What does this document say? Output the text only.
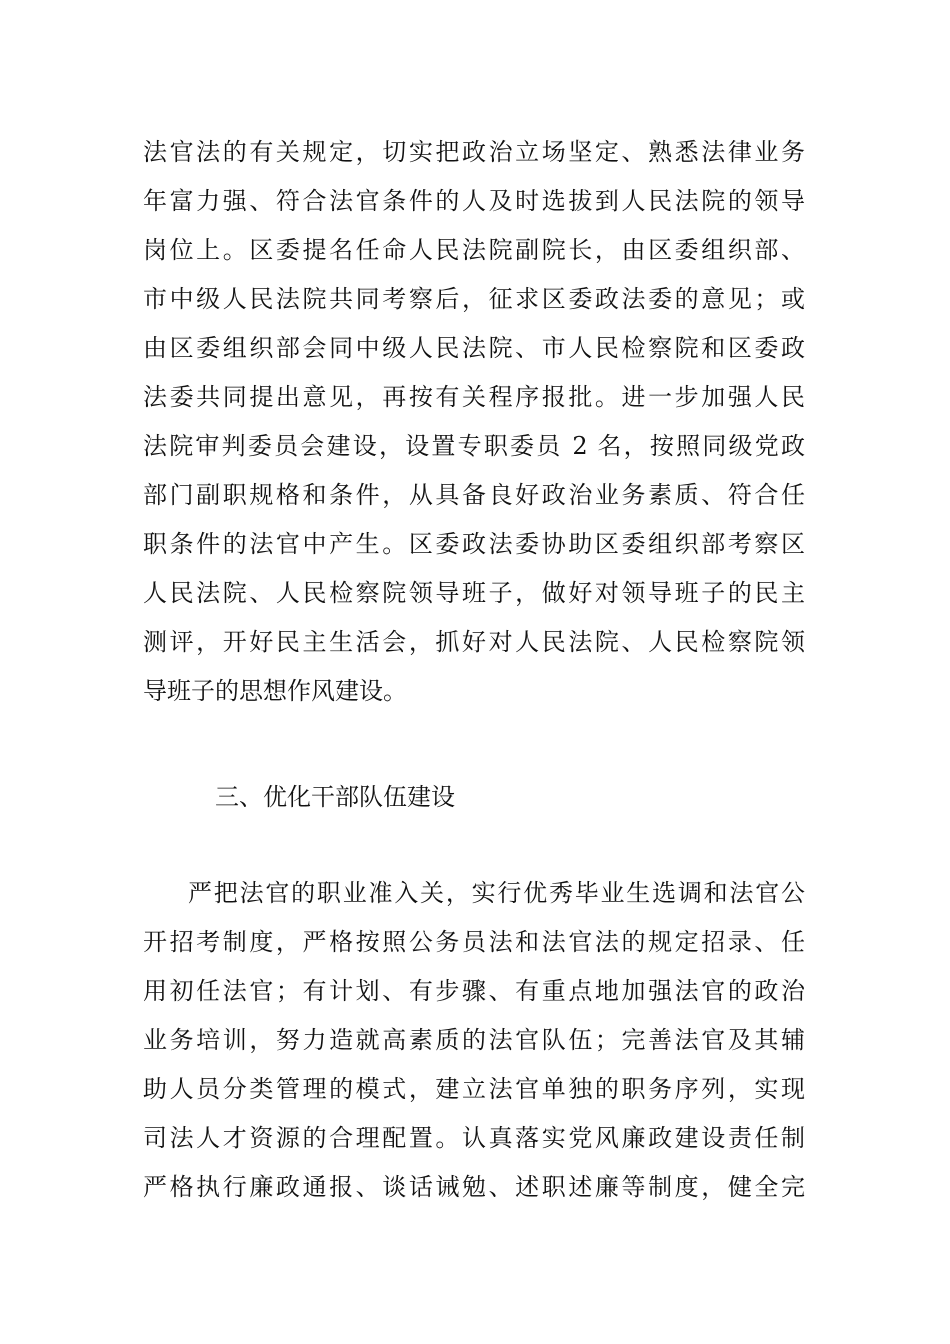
法官法的有关规定，切实把政治立场坚定、熟悉法律业务
年富力强、符合法官条件的人及时选拔到人民法院的领导
岗位上。区委提名任命人民法院副院长，由区委组织部、
市中级人民法院共同考察后，征求区委政法委的意见；或
由区委组织部会同中级人民法院、市人民检察院和区委政
法委共同提出意见，再按有关程序报批。进一步加强人民
法院审判委员会建设，设置专职委员 2 名，按照同级党政
部门副职规格和条件，从具备良好政治业务素质、符合任
职条件的法官中产生。区委政法委协助区委组织部考察区
人民法院、人民检察院领导班子，做好对领导班子的民主
测评，开好民主生活会，抓好对人民法院、人民检察院领
导班子的思想作风建设。
三、优化干部队伍建设
严把法官的职业准入关，实行优秀毕业生选调和法官公
开招考制度，严格按照公务员法和法官法的规定招录、任
用初任法官；有计划、有步骤、有重点地加强法官的政治
业务培训，努力造就高素质的法官队伍；完善法官及其辅
助人员分类管理的模式，建立法官单独的职务序列，实现
司法人才资源的合理配置。认真落实党风廉政建设责任制
严格执行廉政通报、谈话诫勉、述职述廉等制度，健全完
